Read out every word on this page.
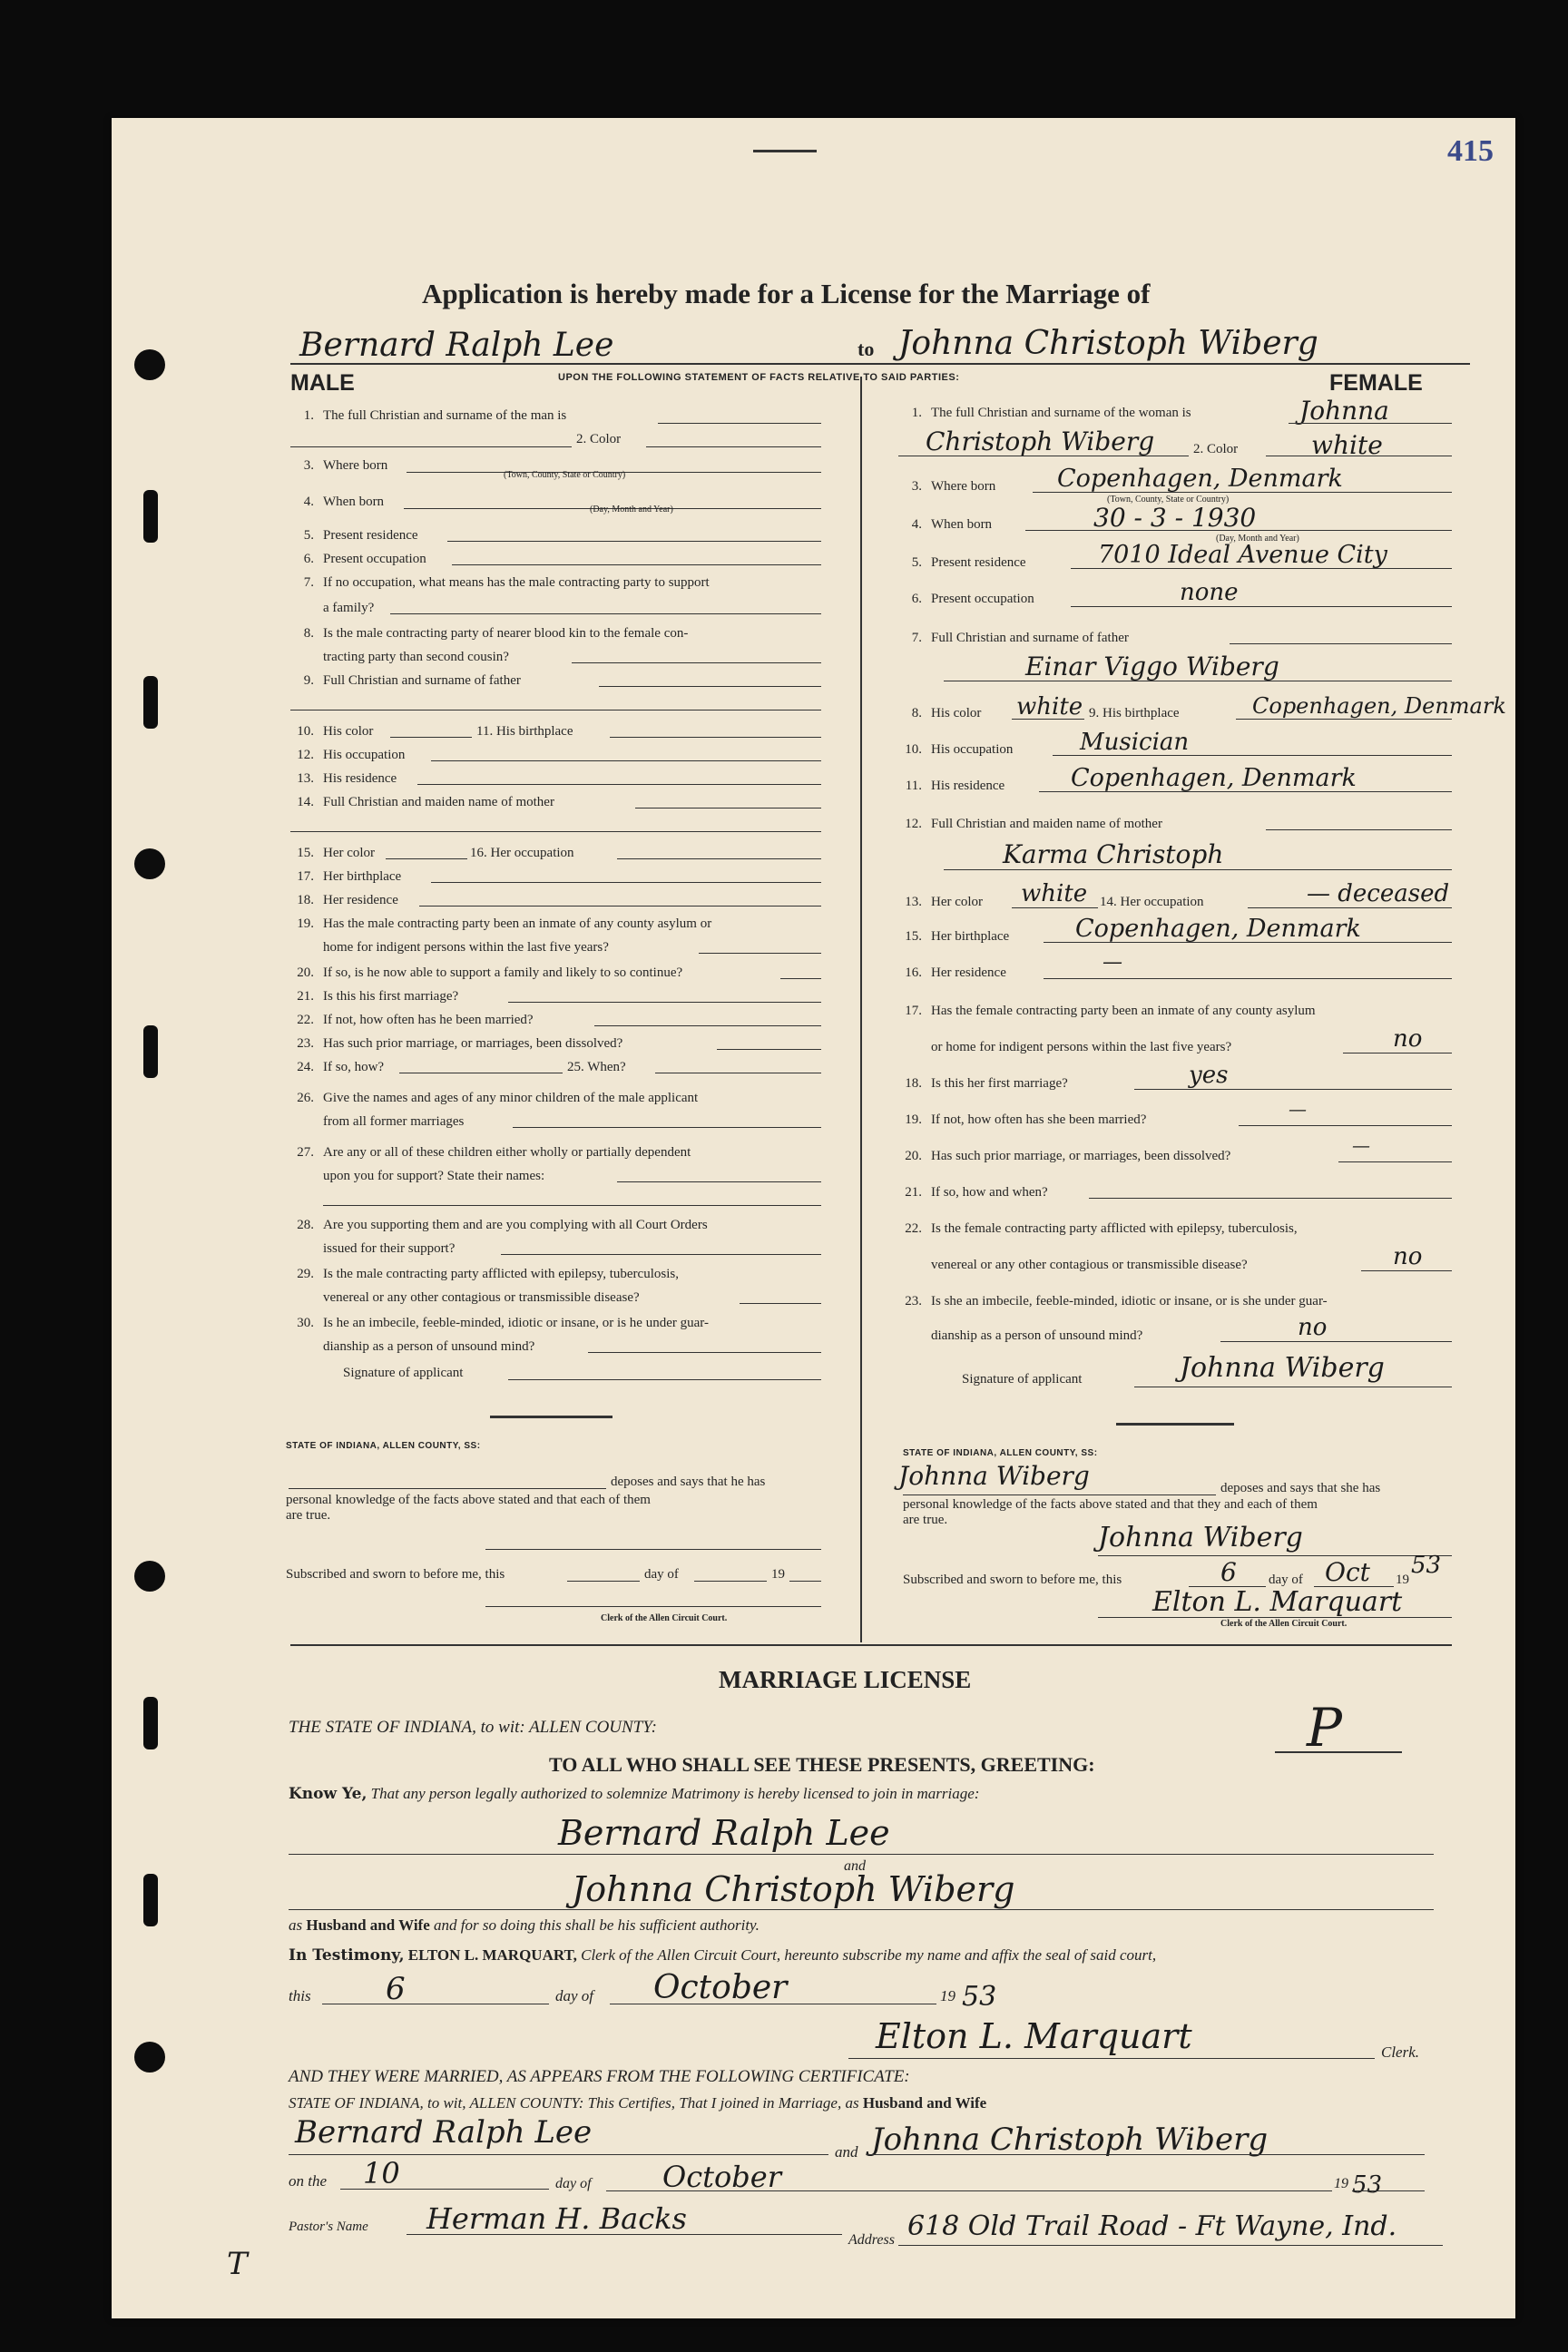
415
Application is hereby made for a License for the Marriage of
Bernard Ralph Lee	to Johnna Christoph Wiberg
UPON THE FOLLOWING STATEMENT OF FACTS RELATIVE TO SAID PARTIES:
MALE	FEMALE
1. The full Christian and surname of the man is
2. Color
3. Where born
(Town, County, State or Country)
4. When born
(Day, Month and Year)
5. Present residence
6. Present occupation
7. If no occupation, what means has the male contracting party to support
a family?
8. Is the male contracting party of nearer blood kin to the female con-
tracting party than second cousin?
9. Full Christian and surname of father
10. His color	11. His birthplace
12. His occupation
13. His residence
14. Full Christian and maiden name of mother
15. Her color	16. Her occupation
17. Her birthplace
18. Her residence
19. Has the male contracting party been an inmate of any county asylum or
home for indigent persons within the last five years?
20. If so, is he now able to support a family and likely to so continue?
21. Is this his first marriage?
22. If not, how often has he been married?
23. Has such prior marriage, or marriages, been dissolved?
24. If so, how?	25. When?
26. Give the names and ages of any minor children of the male applicant
from all former marriages
27. Are any or all of these children either wholly or partially dependent
upon you for support? State their names:
28. Are you supporting them and are you complying with all Court Orders
issued for their support?
29. Is the male contracting party afflicted with epilepsy, tuberculosis,
venereal or any other contagious or transmissible disease?
30. Is he an imbecile, feeble-minded, idiotic or insane, or is he under guar-
dianship as a person of unsound mind?
Signature of applicant
STATE OF INDIANA, ALLEN COUNTY, SS:
deposes and says that he has
personal knowledge of the facts above stated and that each of them
are true.
Subscribed and sworn to before me, this	day of	19
Clerk of the Allen Circuit Court.
1. The full Christian and surname of the woman is	Johnna
Christoph Wiberg	2. Color	white
3. Where born	Copenhagen, Denmark
(Town, County, State or Country)
4. When born	30 - 3 - 1930
(Day, Month and Year)
5. Present residence	7010 Ideal Avenue City
6. Present occupation	none
7. Full Christian and surname of father
Einar Viggo Wiberg
8. His color white 9. His birthplace	Copenhagen, Denmark
10. His occupation	Musician
11. His residence	Copenhagen, Denmark
12. Full Christian and maiden name of mother
Karma Christoph
13. Her color white 14. Her occupation	— deceased
15. Her birthplace	Copenhagen, Denmark
16. Her residence	—
17. Has the female contracting party been an inmate of any county asylum
or home for indigent persons within the last five years?	no
18. Is this her first marriage?	yes
19. If not, how often has she been married?	—
20. Has such prior marriage, or marriages, been dissolved?	—
21. If so, how and when?
22. Is the female contracting party afflicted with epilepsy, tuberculosis,
venereal or any other contagious or transmissible disease?	no
23. Is she an imbecile, feeble-minded, idiotic or insane, or is she under guar-
dianship as a person of unsound mind?	no
Signature of applicant	Johnna Wiberg
STATE OF INDIANA, ALLEN COUNTY, SS:
Johnna Wiberg	deposes and says that she has
personal knowledge of the facts above stated and that they and each of them
are true.
Johnna Wiberg
Subscribed and sworn to before me, this	6 day of Oct 19
53
Elton L. Marquart
Clerk of the Allen Circuit Court.
MARRIAGE LICENSE
THE STATE OF INDIANA, to wit: ALLEN COUNTY:	P
TO ALL WHO SHALL SEE THESE PRESENTS, GREETING:
Know Ye, That any person legally authorized to solemnize Matrimony is hereby licensed to join in marriage:
Bernard Ralph Lee
and
Johnna Christoph Wiberg
as Husband and Wife and for so doing this shall be his sufficient authority.
In Testimony, ELTON L. MARQUART, Clerk of the Allen Circuit Court, hereunto subscribe my name and affix the seal of said court,
this 6	day of October	19 53
Elton L. Marquart	Clerk.
AND THEY WERE MARRIED, AS APPEARS FROM THE FOLLOWING CERTIFICATE:
STATE OF INDIANA, to wit, ALLEN COUNTY: This Certifies, That I joined in Marriage, as Husband and Wife
Bernard Ralph Lee
and Johnna Christoph Wiberg
on the 10	day of October	19 53
Pastor's Name Herman H. Backs
Address 618 Old Trail Road - Ft Wayne, Ind.
T
